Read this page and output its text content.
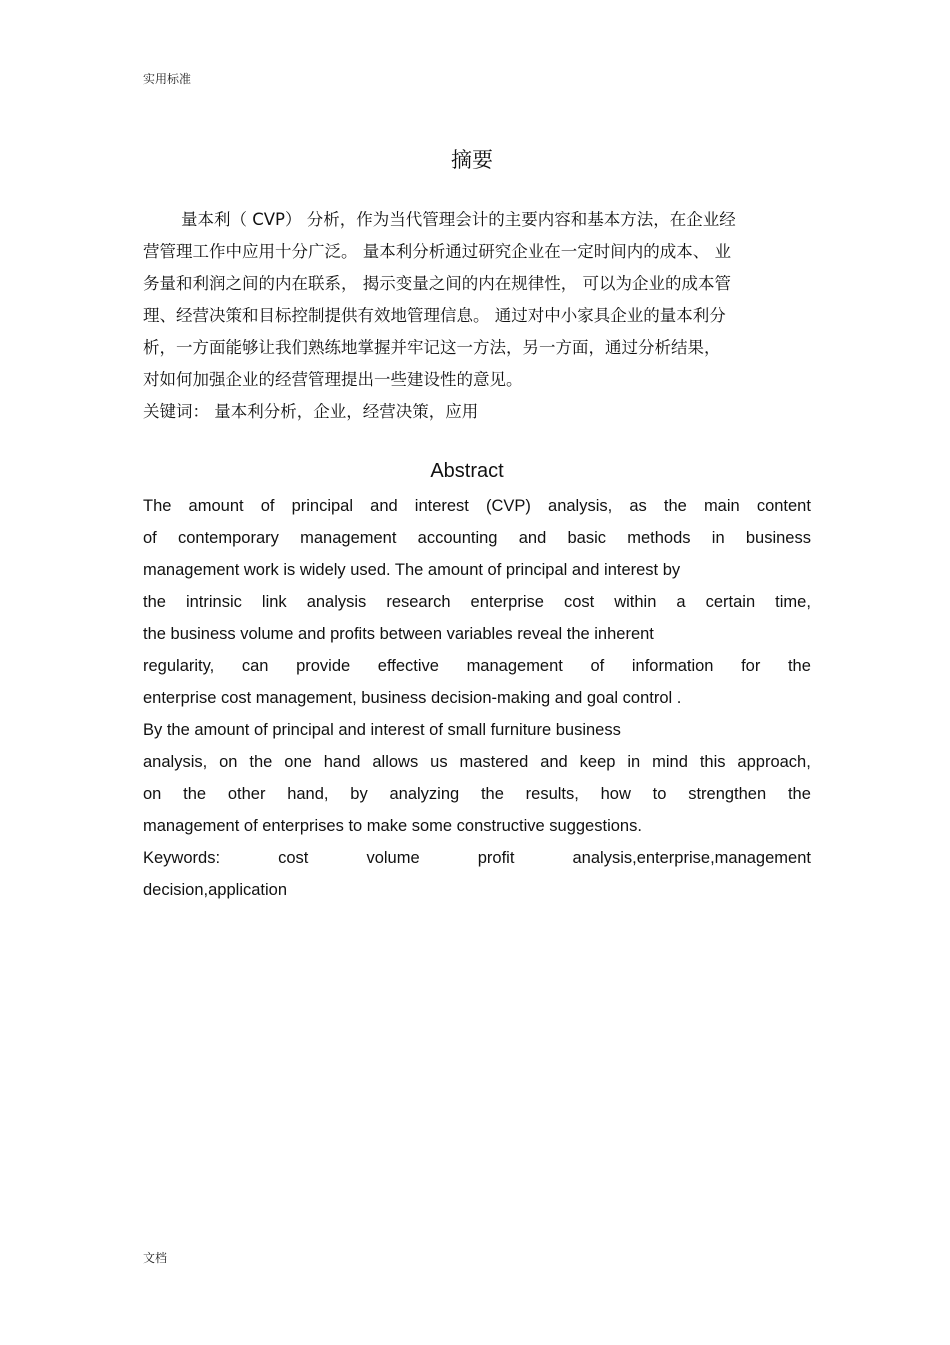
实用标准
摘要
量本利（ CVP） 分析，作为当代管理会计的主要内容和基本方法，在企业经
营管理工作中应用十分广泛。 量本利分析通过研究企业在一定时间内的成本、 业
务量和利润之间的内在联系， 揭示变量之间的内在规律性， 可以为企业的成本管
理、经营决策和目标控制提供有效地管理信息。 通过对中小家具企业的量本利分
析，一方面能够让我们熟练地掌握并牢记这一方法，另一方面，通过分析结果，
对如何加强企业的经营管理提出一些建设性的意见。
关键词： 量本利分析，企业，经营决策，应用
Abstract
The amount of principal and interest (CVP) analysis, as the main content
of contemporary management accounting and basic methods in business
management work is widely used. The amount of principal and interest by
the intrinsic link analysis research enterprise cost within a certain time,
the business volume and profits between variables reveal the inherent
regularity, can provide effective management of information for the
enterprise cost management, business decision-making and goal control .
By the amount of principal and interest of small furniture business
analysis, on the one hand allows us mastered and keep in mind this approach,
on the other hand, by analyzing the results, how to strengthen the
management of enterprises to make some constructive suggestions.
Keywords:	cost	volume	profit	analysis,enterprise,management
decision,application
文档
